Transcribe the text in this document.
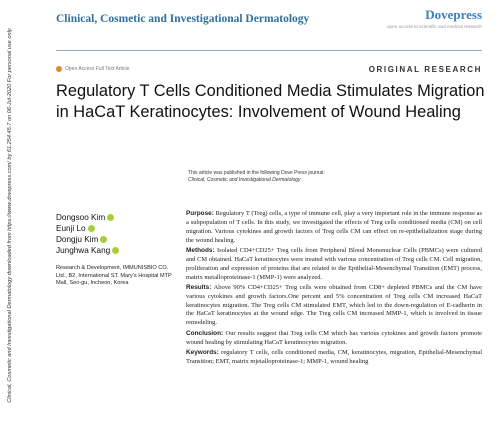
Clinical, Cosmetic and Investigational Dermatology downloaded from https://www.dovepress.com/ by 61.254.45.7 on 06-Jul-2020 For personal use only.
Clinical, Cosmetic and Investigational Dermatology	Dovepress
open access to scientific and medical research
Open Access Full Text Article	ORIGINAL RESEARCH
Regulatory T Cells Conditioned Media Stimulates Migration in HaCaT Keratinocytes: Involvement of Wound Healing
This article was published in the following Dove Press journal:
Clinical, Cosmetic and Investigational Dermatology
Dongsoo Kim
Eunji Lo
Dongju Kim
Junghwa Kang
Research & Development, IMMUNISBIO CO. Ltd., B2, International ST. Mary's Hospital MTP Mall, Seo-gu, Incheon, Korea

Purpose: Regulatory T (Treg) cells, a type of immune cell, play a very important role in the immune response as a subpopulation of T cells. In this study, we investigated the effects of Treg cells conditioned media (CM) on cell migration. Various cytokines and growth factors of Treg cells CM can effect on re-epithelialization stage during the wound healing.

Methods: Isolated CD4+CD25+ Treg cells from Peripheral Blood Mononuclear Cells (PBMCs) were cultured and CM obtained. HaCaT keratinocytes were treated with various concentration of Treg cells CM. Cell migration, proliferation and expression of proteins that are related to the Epithelial-Mesenchymal Transition (EMT) process, matrix metalloproteinase-1 (MMP-1) were analyzed.

Results: Above 90% CD4+CD25+ Treg cells were obtained from CD8+ depleted PBMCs and the CM have various cytokines and growth factors.One percent and 5% concentration of Treg cells CM increased HaCaT keratinocytes migration. The Treg cells CM stimulated EMT, which led to the down-regulation of E-cadherin in the HaCaT keratinocytes at the wound edge. The Treg cells CM increased MMP-1, which is involved in tissue remodeling.

Conclusion: Our results suggest that Treg cells CM which has various cytokines and growth factors promote wound healing by stimulating HaCaT keratinocytes migration.

Keywords: regulatory T cells, cells conditioned media, CM, keratinocytes, migration, Epithelial-Mesenchymal Transition; EMT, matrix mjetalloproteinase-1; MMP-1, wound healing
